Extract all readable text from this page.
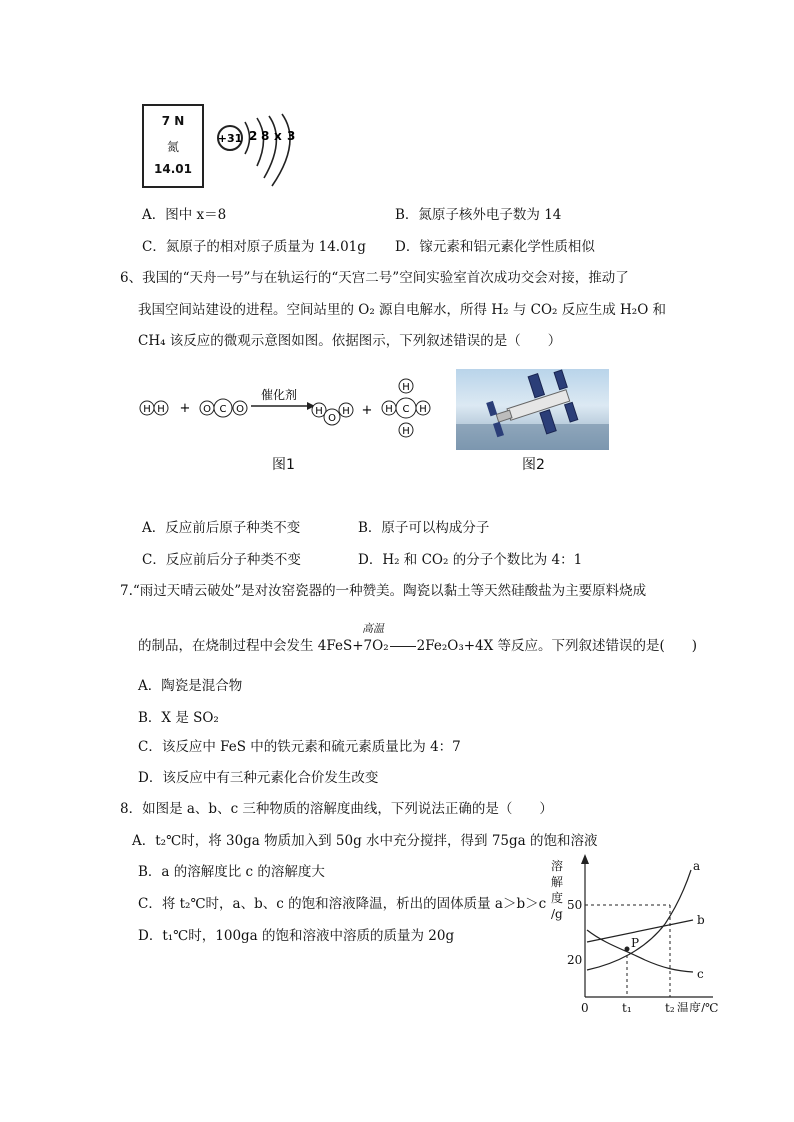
7 N
氮
14.01
+31 2 8 x 3
A．图中 x＝8	B．氮原子核外电子数为 14
C．氮原子的相对原子质量为 14.01g D．镓元素和铝元素化学性质相似
6、我国的“天舟一号”与在轨运行的“天宫二号”空间实验室首次成功交会对接，推动了
我国空间站建设的进程。空间站里的 O₂ 源自电解水，所得 H₂ 与 CO₂ 反应生成 H₂O 和
CH₄ 该反应的微观示意图如图。依据图示，下列叙述错误的是（　　）
H H + O C O	H
O
H +
H
H C H
H
催化剂
图1	图2
A．反应前后原子种类不变	B．原子可以构成分子
C．反应前后分子种类不变	D．H₂ 和 CO₂ 的分子个数比为 4：1
7.“雨过天晴云破处”是对汝窑瓷器的一种赞美。陶瓷以黏土等天然硅酸盐为主要原料烧成
高温
的制品，在烧制过程中会发生 4FeS+7O₂ 2Fe₂O₃+4X 等反应。下列叙述错误的是(　　)
A．陶瓷是混合物
B．X 是 SO₂
C．该反应中 FeS 中的铁元素和硫元素质量比为 4：7
D．该反应中有三种元素化合价发生改变
8．如图是 a、b、c 三种物质的溶解度曲线，下列说法正确的是（　　）
A．t₂℃时，将 30ga 物质加入到 50g 水中充分搅拌，得到 75ga 的饱和溶液
B．a 的溶解度比 c 的溶解度大
C．将 t₂℃时，a、b、c 的饱和溶液降温，析出的固体质量 a＞b＞c
D．t₁℃时，100ga 的饱和溶液中溶质的质量为 20g
溶
解
度
/g
50
20
0	t₁	t₂ 温度/℃
P
a
b
c
